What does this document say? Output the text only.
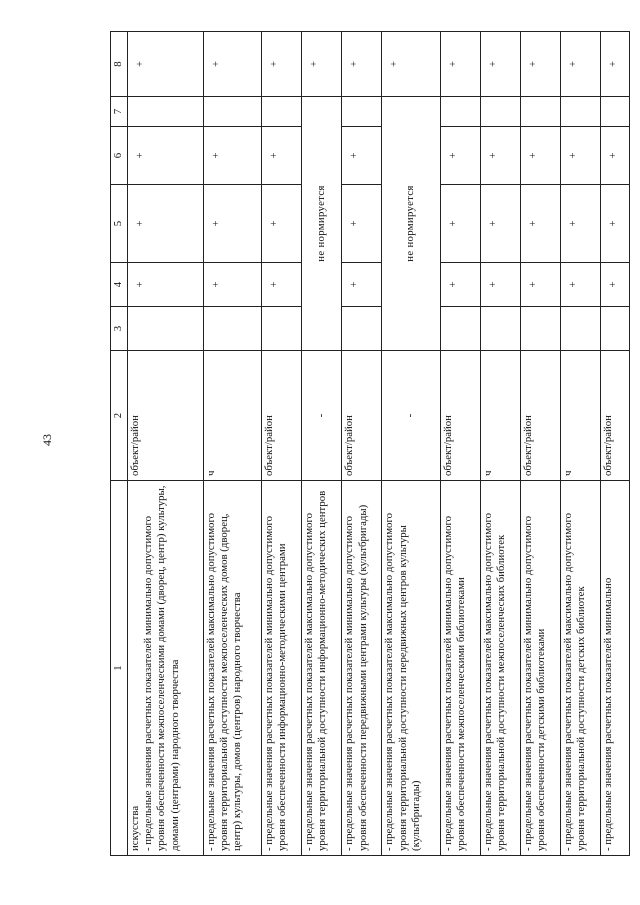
43
1	2	3	4	5	6	7	8

искусства - предельные значения расчетных показателей минимально допустимого уровня обеспеченности межпоселенческими домами (дворец, центр) культуры, домами (центрами) народного творчества	объект/район		+	+	+		+
- предельные значения расчетных показателей максимально допустимого уровня территориальной доступности межпоселенческих домов (дворец, центр) культуры, домов (центров) народного творчества	ч		+	+	+		+
- предельные значения расчетных показателей минимально допустимого уровня обеспеченности информационно-методическими центрами	объект/район		+	+	+		+
- предельные значения расчетных показателей максимально допустимого уровня территориальной доступности информационно-методических центров	-	не нормируется					+
- предельные значения расчетных показателей минимально допустимого уровня обеспеченности передвижными центрами культуры (культбригады)	объект/район		+	+	+		+
- предельные значения расчетных показателей максимально допустимого уровня территориальной доступности передвижных центров культуры (культбригады)	-	не нормируется					+
- предельные значения расчетных показателей минимально допустимого уровня обеспеченности межпоселенческими библиотеками	объект/район		+	+	+		+
- предельные значения расчетных показателей максимально допустимого уровня территориальной доступности межпоселенческих библиотек	ч		+	+	+		+
- предельные значения расчетных показателей минимально допустимого уровня обеспеченности детскими библиотеками	объект/район		+	+	+		+
- предельные значения расчетных показателей максимально допустимого уровня территориальной доступности детских библиотек	ч		+	+	+		+
- предельные значения расчетных показателей минимально	объект/район		+	+	+		+
